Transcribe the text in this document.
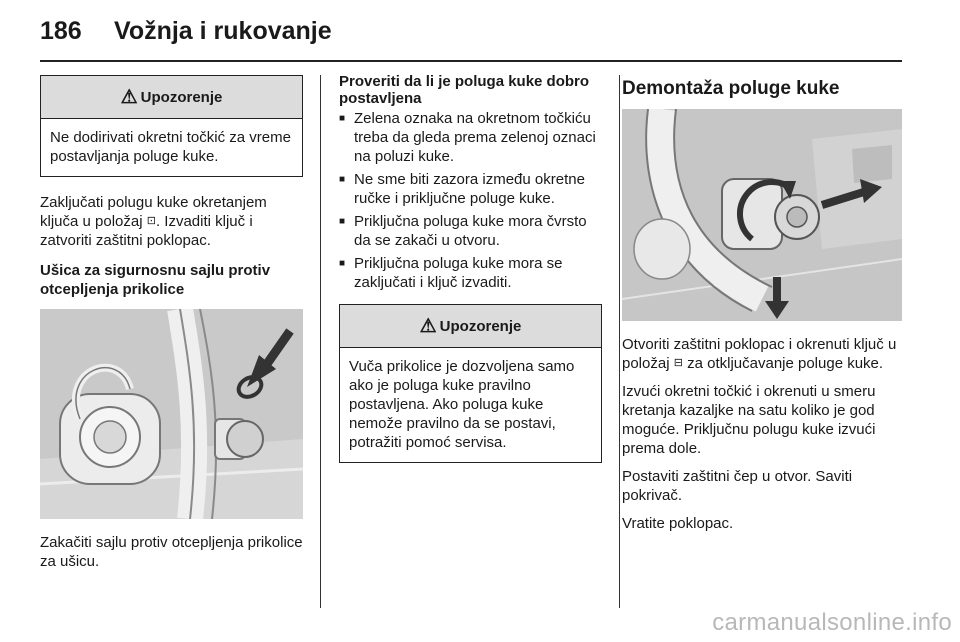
186 Vožnja i rukovanje
⚠ Upozorenje
Ne dodirivati okretni točkić za vreme postavljanja poluge kuke.

Zaključati polugu kuke okretanjem ključa u položaj ⊡. Izvaditi ključ i zatvoriti zaštitni poklopac.

Ušica za sigurnosnu sajlu protiv otcepljenja prikolice

Zakačiti sajlu protiv otcepljenja prikolice za ušicu.

Proveriti da li je poluga kuke dobro postavljena

■ Zelena oznaka na okretnom točkiću treba da gleda prema zelenoj oznaci na poluzi kuke.
■ Ne sme biti zazora između okretne ručke i priključne poluge kuke.
■ Priključna poluga kuke mora čvrsto da se zakači u otvoru.
■ Priključna poluga kuke mora se zaključati i ključ izvaditi.
⚠ Upozorenje
Vuča prikolice je dozvoljena samo ako je poluga kuke pravilno postavljena. Ako poluga kuke nemože pravilno da se postavi, potražiti pomoć servisa.
Demontaža poluge kuke

Otvoriti zaštitni poklopac i okrenuti ključ u položaj ⊟ za otključavanje poluge kuke.

Izvući okretni točkić i okrenuti u smeru kretanja kazaljke na satu koliko je god moguće. Priključnu polugu kuke izvući prema dole.

Postaviti zaštitni čep u otvor. Saviti pokrivač.

Vratite poklopac.

carmanualsonline.info
